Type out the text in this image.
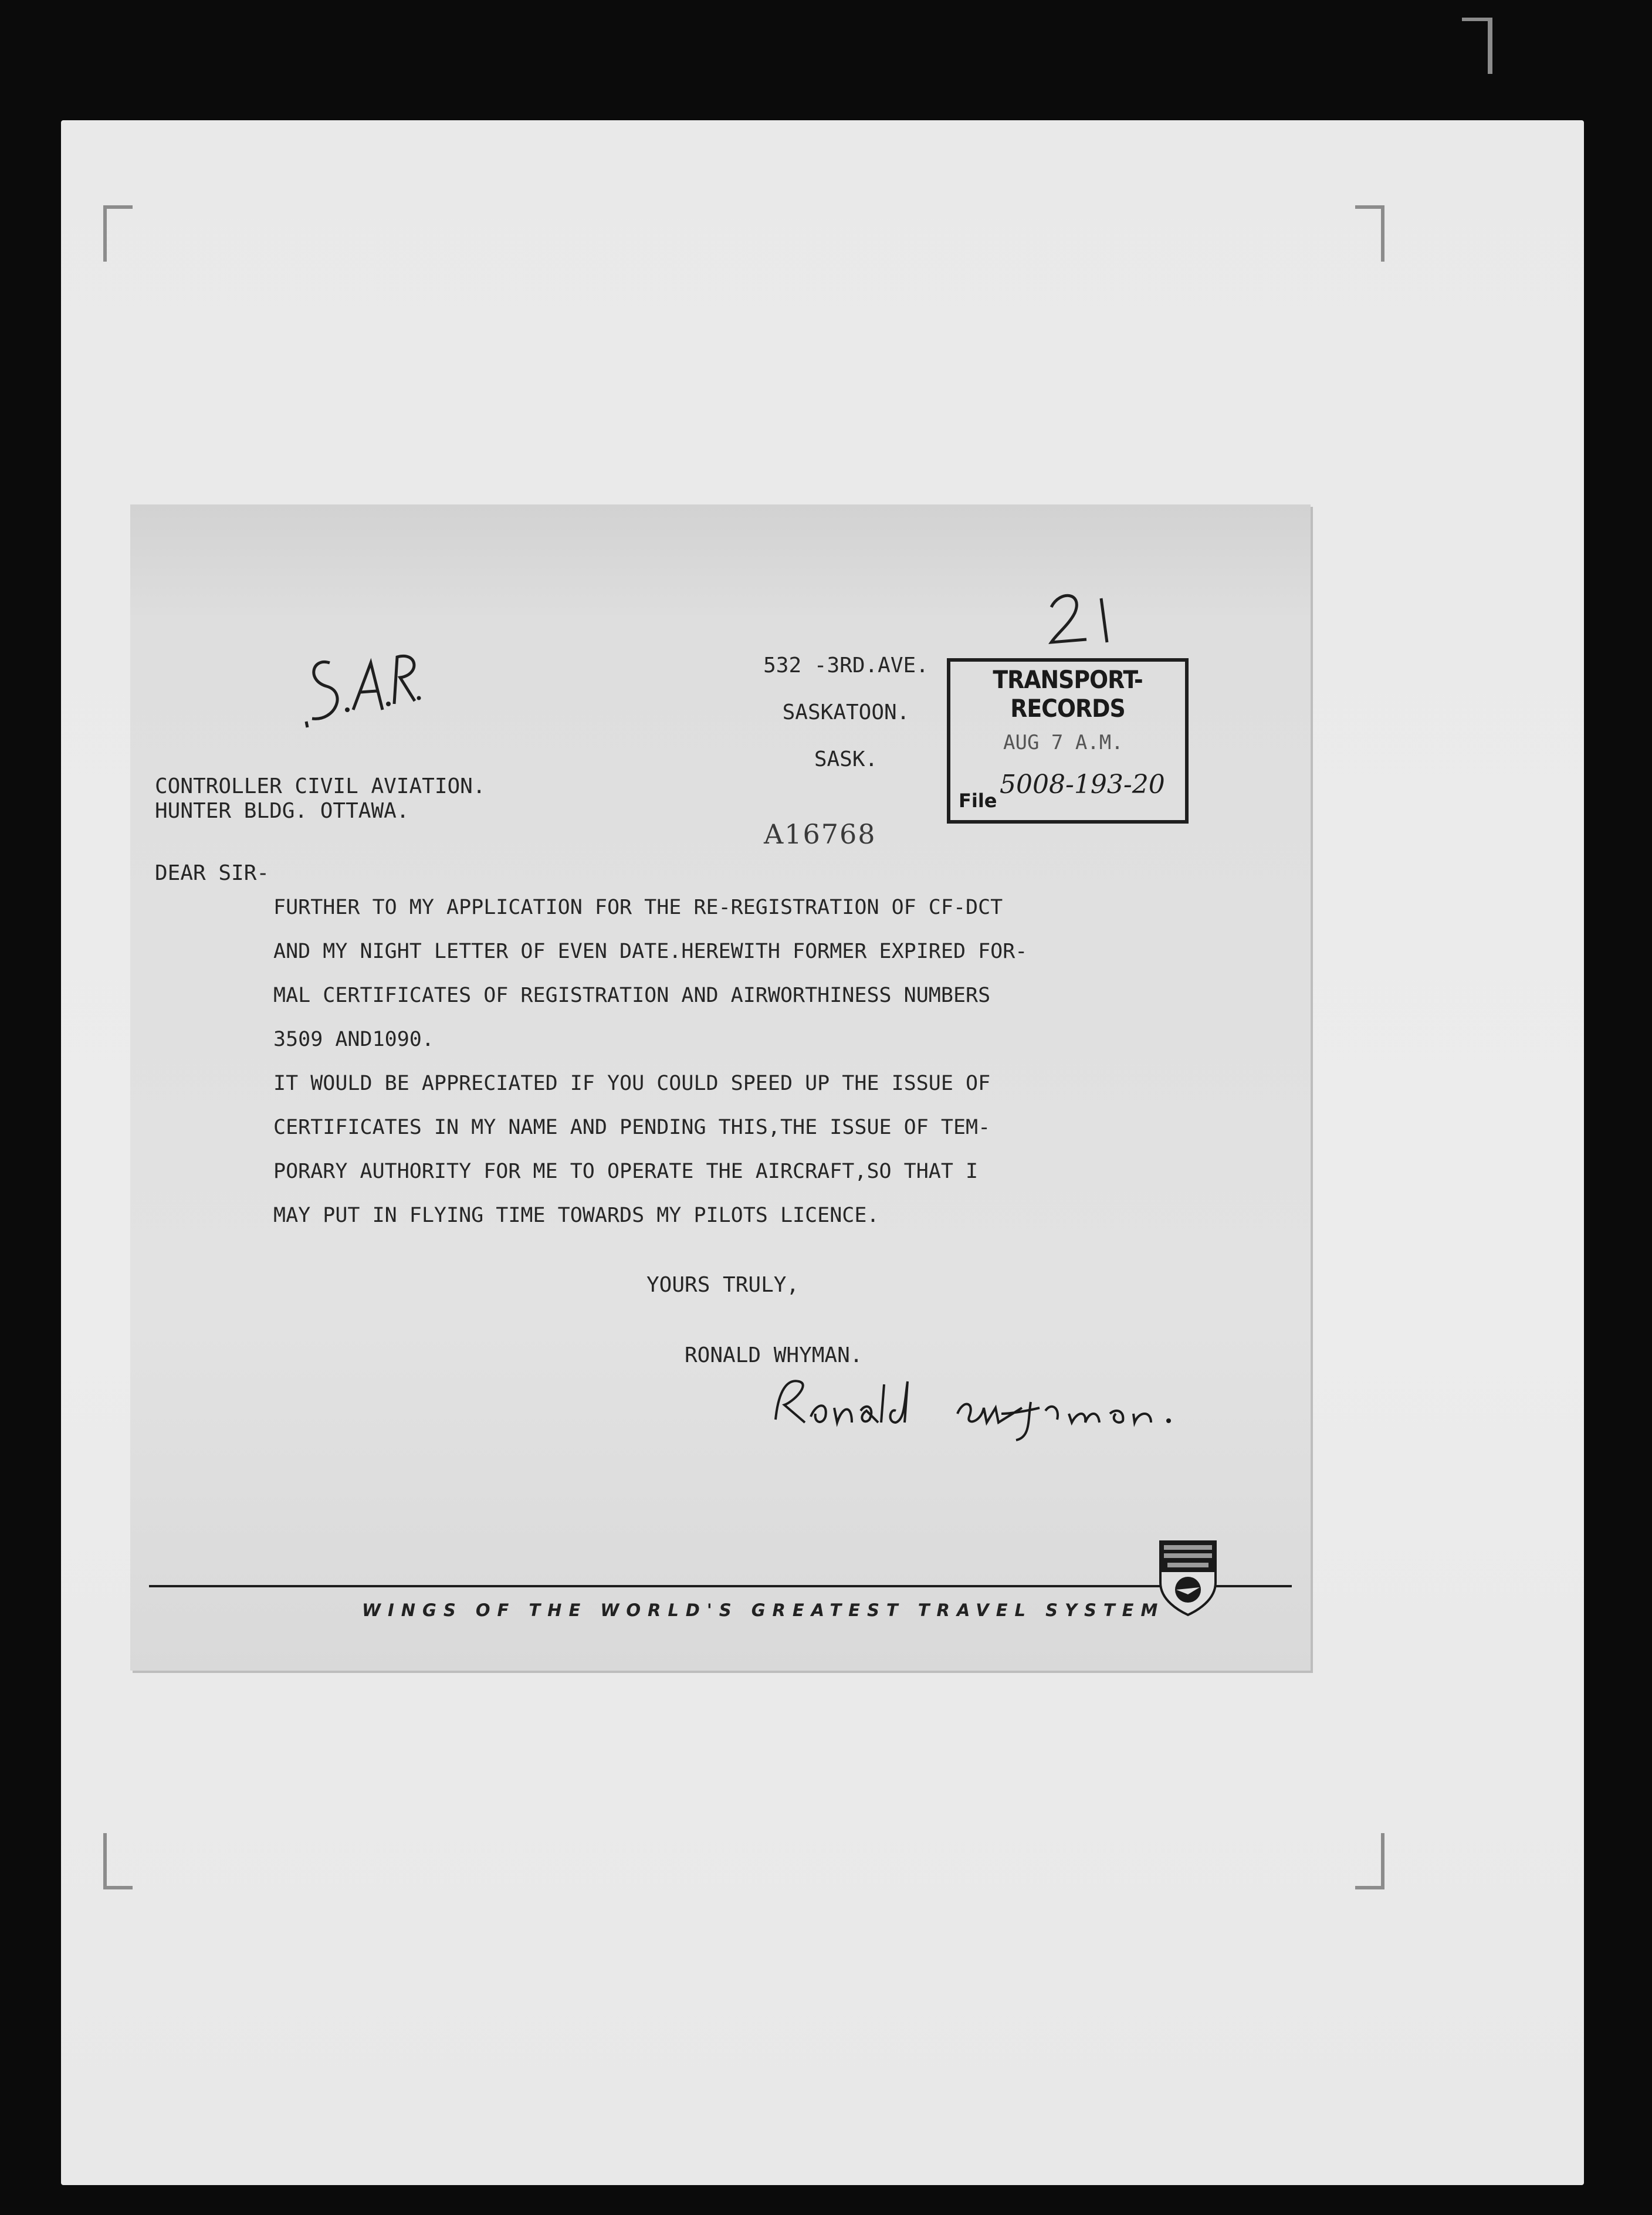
532 -3RD.AVE.
SASKATOON.
SASK.
TRANSPORT-RECORDS
AUG 7 A.M.
File
5008-193-20
CONTROLLER CIVIL AVIATION.
HUNTER BLDG. OTTAWA.
A16768
DEAR SIR-
FURTHER TO MY APPLICATION FOR THE RE-REGISTRATION OF CF-DCT
AND MY NIGHT LETTER OF EVEN DATE.HEREWITH FORMER EXPIRED FOR-
MAL CERTIFICATES OF REGISTRATION AND AIRWORTHINESS NUMBERS
3509 AND1090.
IT WOULD BE APPRECIATED IF YOU COULD SPEED UP THE ISSUE OF
CERTIFICATES IN MY NAME AND PENDING THIS,THE ISSUE OF TEM-
PORARY AUTHORITY FOR ME TO OPERATE THE AIRCRAFT,SO THAT I
MAY PUT IN FLYING TIME TOWARDS MY PILOTS LICENCE.
YOURS TRULY,
RONALD WHYMAN.
WINGS OF THE WORLD'S GREATEST TRAVEL SYSTEM
